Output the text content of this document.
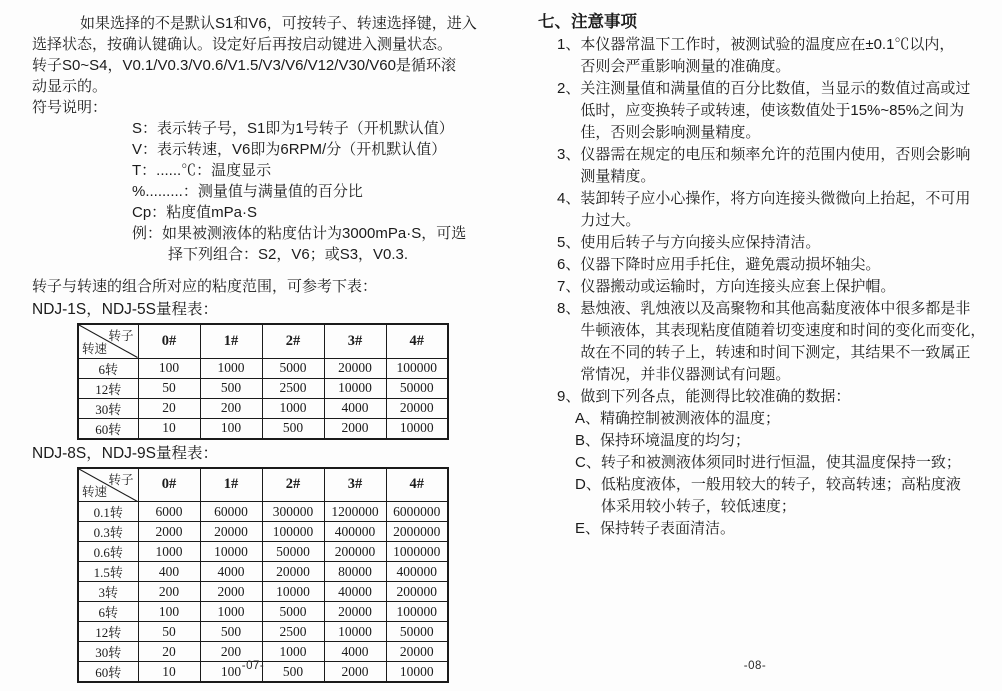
如果选择的不是默认S1和V6，可按转子、转速选择键，进入
选择状态，按确认键确认。设定好后再按启动键进入测量状态。
转子S0~S4，V0.1/V0.3/V0.6/V1.5/V3/V6/V12/V30/V60是循环滚
动显示的。
符号说明：
S：表示转子号，S1即为1号转子（开机默认值）
V：表示转速，V6即为6RPM/分（开机默认值）
T：......℃：温度显示
%.........：测量值与满量值的百分比
Cp：粘度值mPa·S
例：如果被测液体的粘度估计为3000mPa·S，可选
择下列组合：S2，V6；或S3，V0.3.
转子与转速的组合所对应的粘度范围，可参考下表：
NDJ-1S，NDJ-5S量程表：
转子
转速	0#	1#	2#	3#	4#
6转	100	1000	5000	20000	100000
12转	50	500	2500	10000	50000
30转	20	200	1000	4000	20000
60转	10	100	500	2000	10000
NDJ-8S，NDJ-9S量程表：
转子
转速	0#	1#	2#	3#	4#
0.1转	6000	60000	300000	1200000	6000000
0.3转	2000	20000	100000	400000	2000000
0.6转	1000	10000	50000	200000	1000000
1.5转	400	4000	20000	80000	400000
3转	200	2000	10000	40000	200000
6转	100	1000	5000	20000	100000
12转	50	500	2500	10000	50000
30转	20	200	1000	4000	20000
60转	10	100	500	2000	10000
七、注意事项
1、 本仪器常温下工作时，被测试验的温度应在±0.1℃以内，
否则会严重影响测量的准确度。
2、 关注测量值和满量值的百分比数值，当显示的数值过高或过
低时，应变换转子或转速，使该数值处于15%~85%之间为
佳，否则会影响测量精度。
3、 仪器需在规定的电压和频率允许的范围内使用，否则会影响
测量精度。
4、 装卸转子应小心操作，将方向连接头微微向上抬起，不可用
力过大。
5、 使用后转子与方向接头应保持清洁。
6、 仪器下降时应用手托住，避免震动损坏轴尖。
7、 仪器搬动或运输时，方向连接头应套上保护帽。
8、 悬烛液、乳烛液以及高聚物和其他高黏度液体中很多都是非
牛顿液体，其表现粘度值随着切变速度和时间的变化而变化，
故在不同的转子上，转速和时间下测定，其结果不一致属正
常情况，并非仪器测试有问题。
9、 做到下列各点，能测得比较准确的数据：
A、 精确控制被测液体的温度；
B、 保持环境温度的均匀；
C、 转子和被测液体须同时进行恒温，使其温度保持一致；
D、 低粘度液体，一般用较大的转子，较高转速；高粘度液
体采用较小转子，较低速度；
E、 保持转子表面清洁。
-07-	-08-
